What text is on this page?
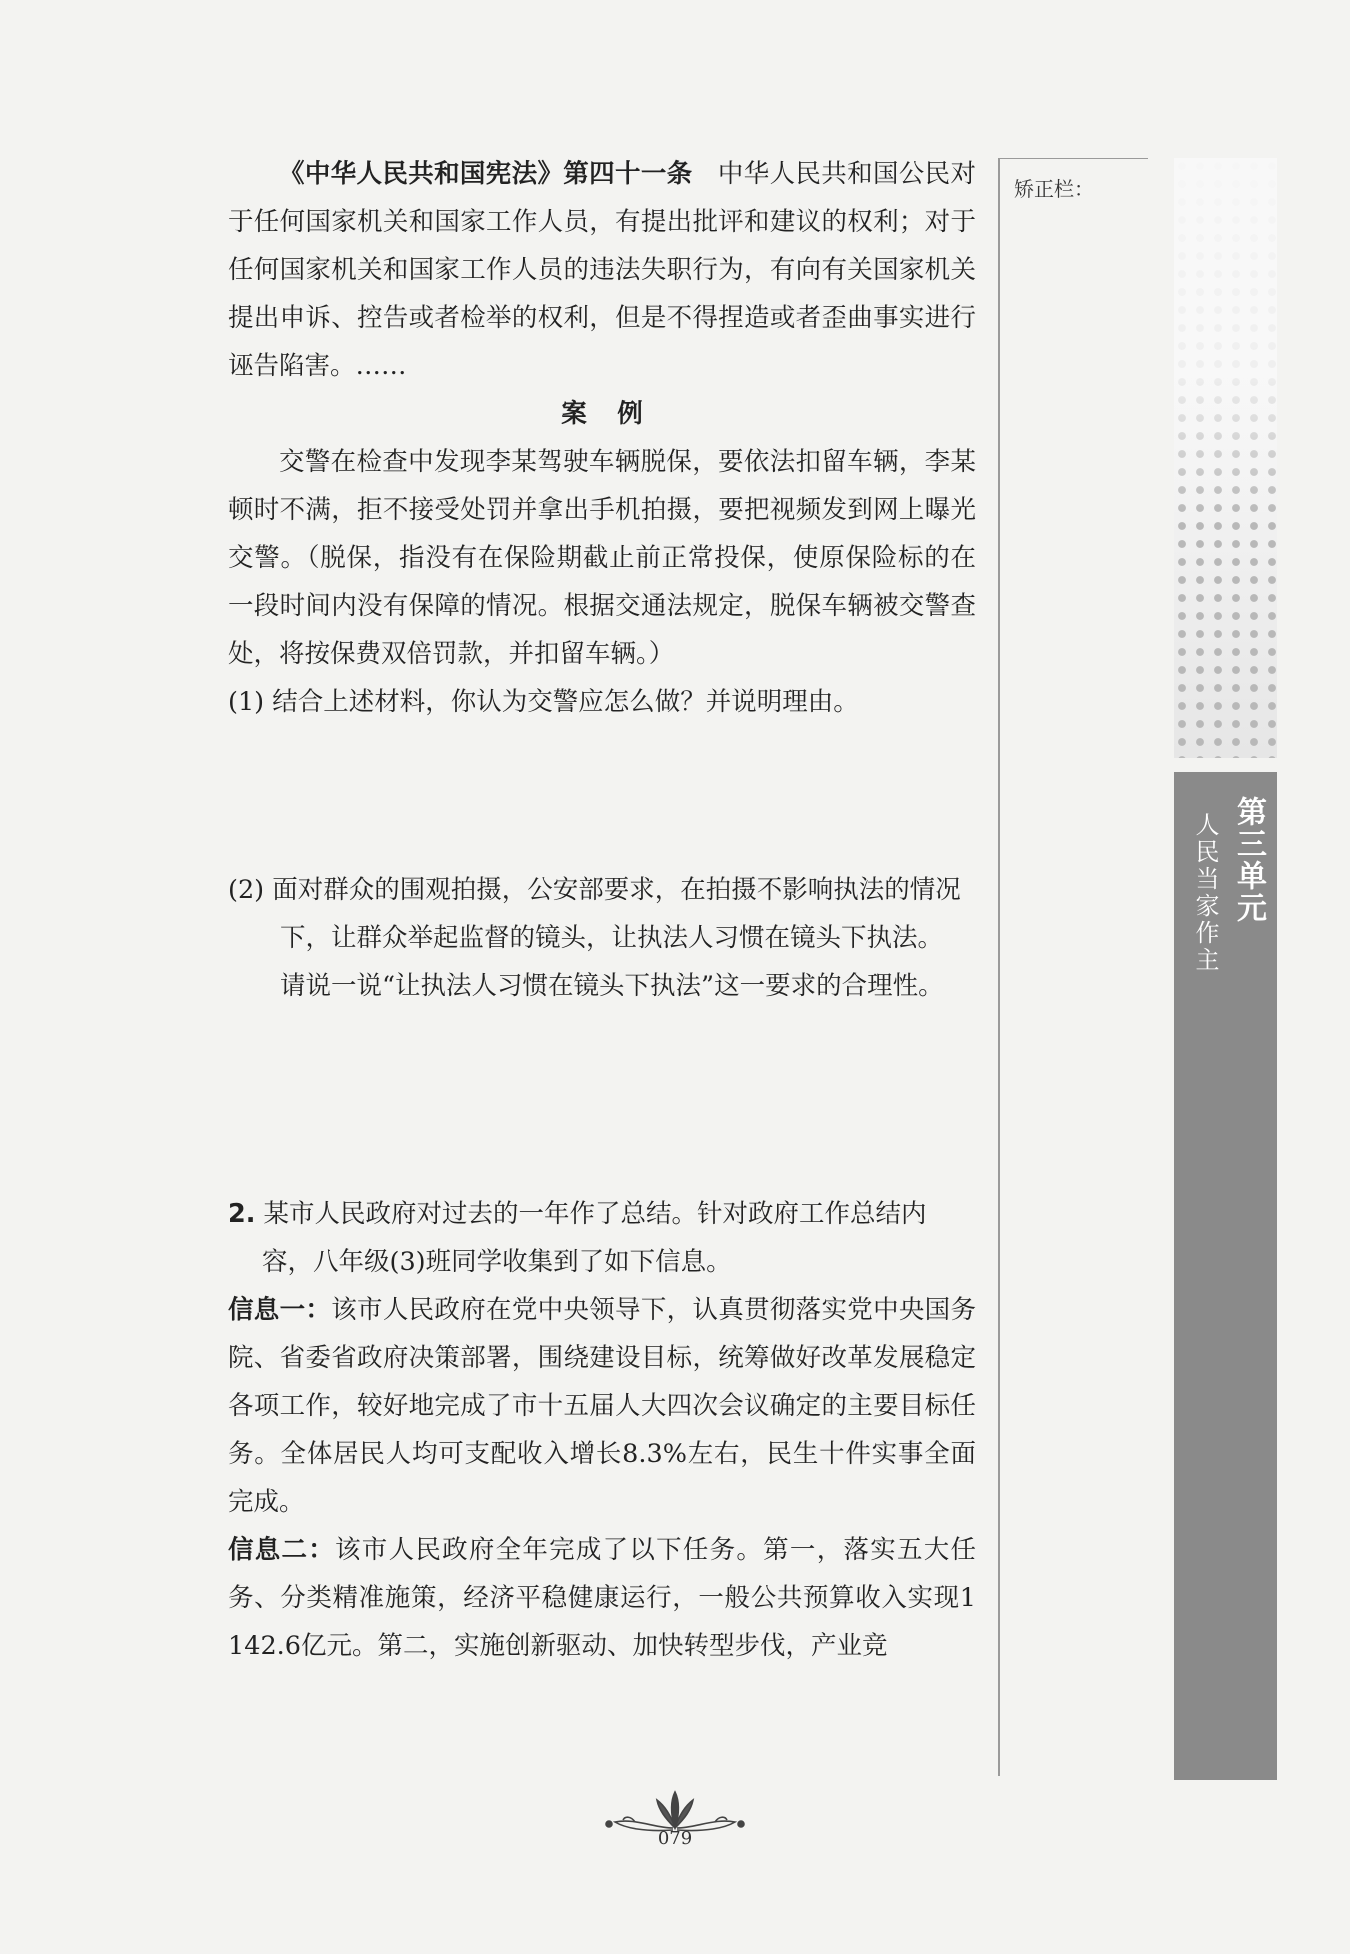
《中华人民共和国宪法》第四十一条 中华人民共和国公民对于任何国家机关和国家工作人员，有提出批评和建议的权利；对于任何国家机关和国家工作人员的违法失职行为，有向有关国家机关提出申诉、控告或者检举的权利，但是不得捏造或者歪曲事实进行诬告陷害。……

案例

交警在检查中发现李某驾驶车辆脱保，要依法扣留车辆，李某顿时不满，拒不接受处罚并拿出手机拍摄，要把视频发到网上曝光交警。（脱保，指没有在保险期截止前正常投保，使原保险标的在一段时间内没有保障的情况。根据交通法规定，脱保车辆被交警查处，将按保费双倍罚款，并扣留车辆。）

(1) 结合上述材料，你认为交警应怎么做？并说明理由。

(2) 面对群众的围观拍摄，公安部要求，在拍摄不影响执法的情况下，让群众举起监督的镜头，让执法人习惯在镜头下执法。

请说一说“让执法人习惯在镜头下执法”这一要求的合理性。

2. 某市人民政府对过去的一年作了总结。针对政府工作总结内容，八年级(3)班同学收集到了如下信息。

信息一：该市人民政府在党中央领导下，认真贯彻落实党中央国务院、省委省政府决策部署，围绕建设目标，统筹做好改革发展稳定各项工作，较好地完成了市十五届人大四次会议确定的主要目标任务。全体居民人均可支配收入增长8.3%左右，民生十件实事全面完成。

信息二：该市人民政府全年完成了以下任务。第一，落实五大任务、分类精准施策，经济平稳健康运行，一般公共预算收入实现1 142.6亿元。第二，实施创新驱动、加快转型步伐，产业竞

矫正栏：
第三单元
人民当家作主
079
